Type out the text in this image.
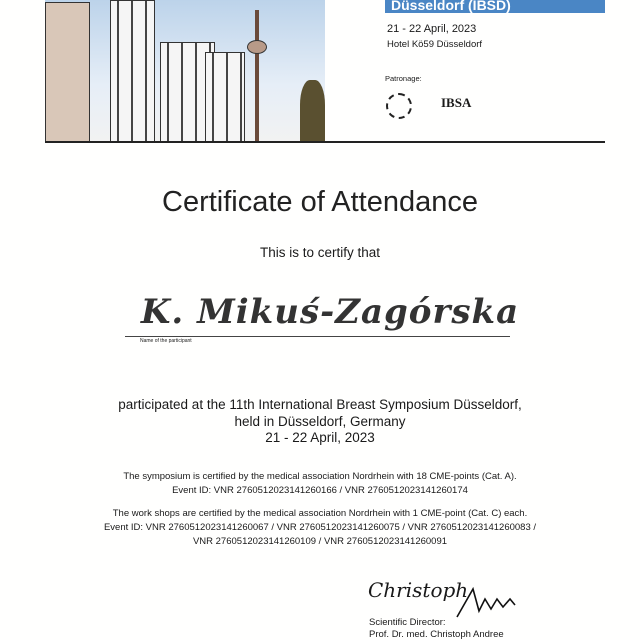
Düsseldorf (IBSD)
21 - 22 April, 2023
Hotel Kö59 Düsseldorf
Patronage:
IBSA
Certificate of Attendance
This is to certify that
K. Mikuś-Zagórska
Name of the participant
participated at the 11th International Breast Symposium Düsseldorf,
held in Düsseldorf, Germany
21 - 22 April, 2023
The symposium is certified by the medical association Nordrhein with 18 CME-points (Cat. A).
Event ID: VNR 2760512023141260166 / VNR 2760512023141260174
The work shops are certified by the medical association Nordrhein with 1 CME-point (Cat. C) each.
Event ID: VNR 2760512023141260067 / VNR 2760512023141260075 / VNR 2760512023141260083 /
VNR 2760512023141260109 / VNR 2760512023141260091
Christoph
Scientific Director:
Prof. Dr. med. Christoph Andree
